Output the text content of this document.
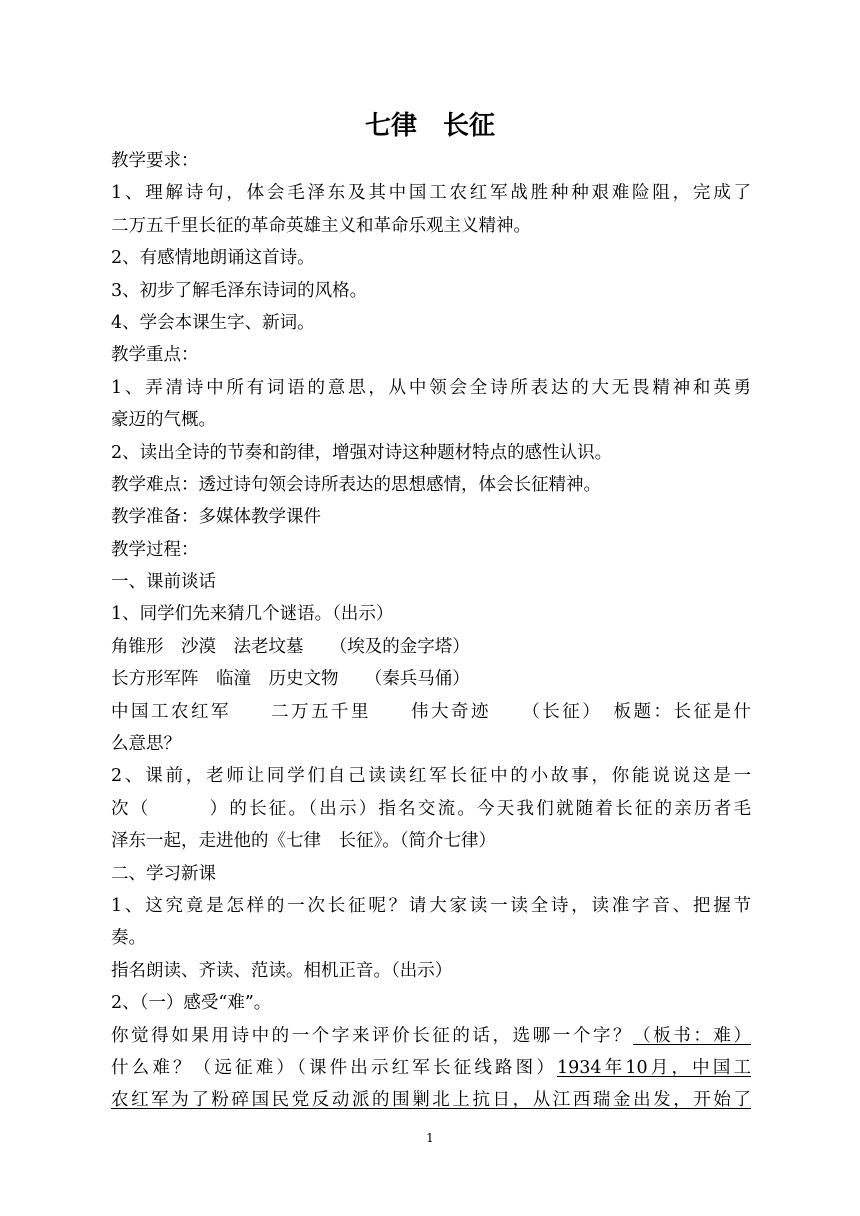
七律　长征
教学要求：
1、理解诗句，体会毛泽东及其中国工农红军战胜种种艰难险阻，完成了
二万五千里长征的革命英雄主义和革命乐观主义精神。
2、有感情地朗诵这首诗。
3、初步了解毛泽东诗词的风格。
4、学会本课生字、新词。
教学重点：
1、弄清诗中所有词语的意思，从中领会全诗所表达的大无畏精神和英勇
豪迈的气概。
2、读出全诗的节奏和韵律，增强对诗这种题材特点的感性认识。
教学难点：透过诗句领会诗所表达的思想感情，体会长征精神。
教学准备：多媒体教学课件
教学过程：
一、课前谈话
1、同学们先来猜几个谜语。（出示）
角锥形　沙漠　法老坟墓　　（埃及的金字塔）
长方形军阵　临潼　历史文物　　（秦兵马俑）
中国工农红军　　二万五千里　　伟大奇迹　　（长征）　板题：长征是什
么意思？
2、课前，老师让同学们自己读读红军长征中的小故事，你能说说这是一
次（　　　）的长征。（出示）指名交流。今天我们就随着长征的亲历者毛
泽东一起，走进他的《七律　长征》。（简介七律）
二、学习新课
1、这究竟是怎样的一次长征呢？请大家读一读全诗，读准字音、把握节
奏。
指名朗读、齐读、范读。相机正音。（出示）
2、（一）感受“难”。
你觉得如果用诗中的一个字来评价长征的话，选哪一个字？（板书：难）
什么难？（远征难）（课件出示红军长征线路图）1934年10月，中国工
农红军为了粉碎国民党反动派的围剿北上抗日，从江西瑞金出发，开始了
1
